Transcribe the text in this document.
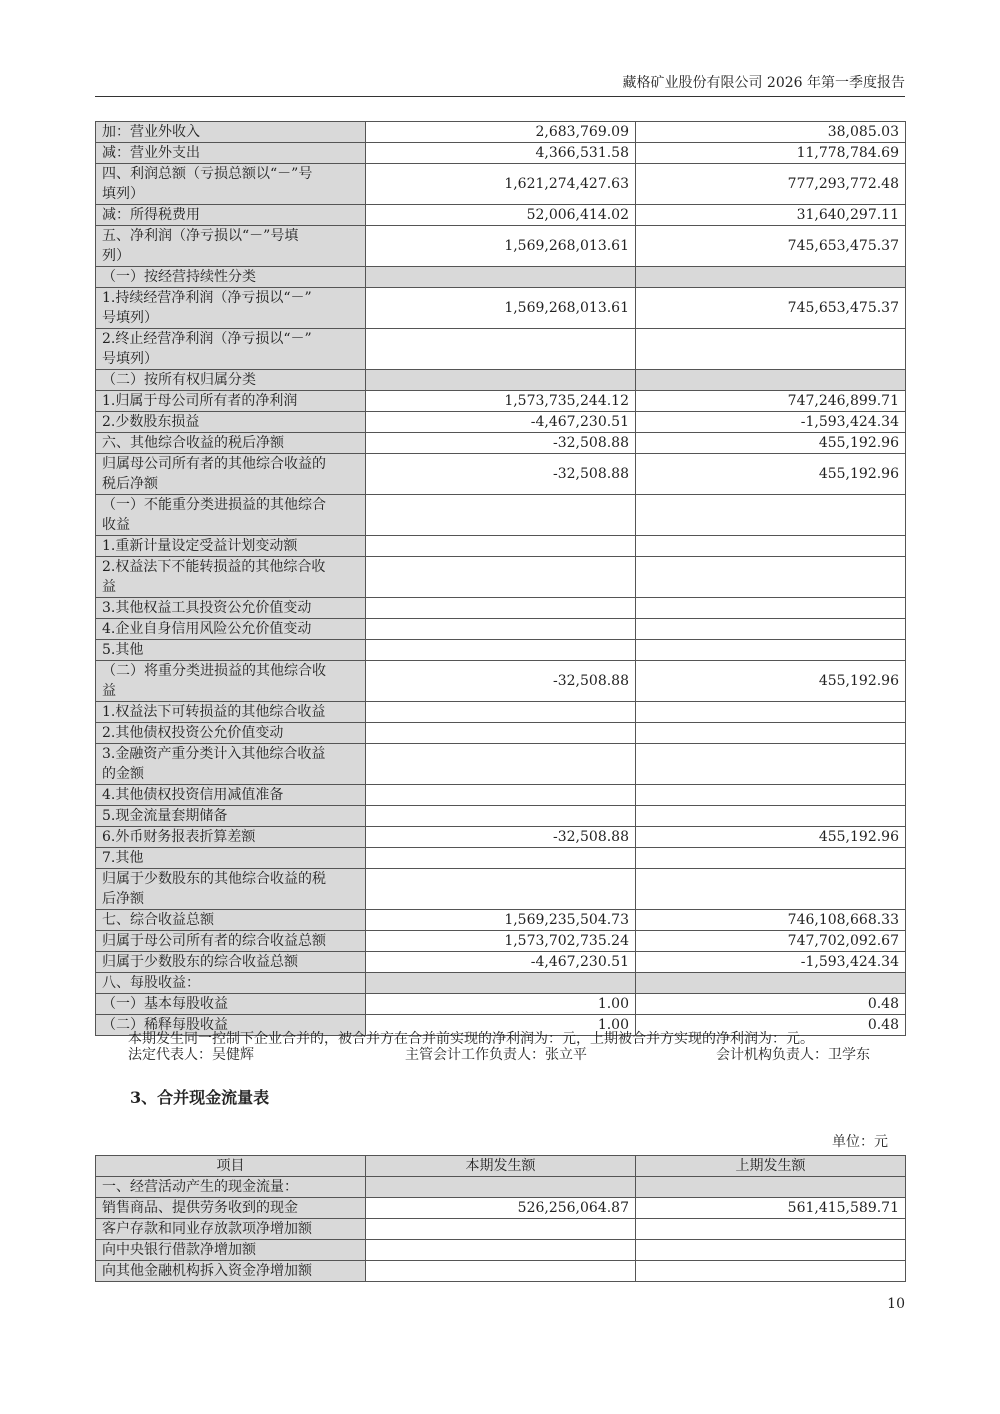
藏格矿业股份有限公司 2026 年第一季度报告
加：营业外收入	2,683,769.09	38,085.03
减：营业外支出	4,366,531.58	11,778,784.69
四、利润总额（亏损总额以“－”号
填列）	1,621,274,427.63	777,293,772.48
减：所得税费用	52,006,414.02	31,640,297.11
五、净利润（净亏损以“－”号填
列）	1,569,268,013.61	745,653,475.37
（一）按经营持续性分类		
1.持续经营净利润（净亏损以“－”
号填列）	1,569,268,013.61	745,653,475.37
2.终止经营净利润（净亏损以“－”
号填列）		
（二）按所有权归属分类		
1.归属于母公司所有者的净利润	1,573,735,244.12	747,246,899.71
2.少数股东损益	-4,467,230.51	-1,593,424.34
六、其他综合收益的税后净额	-32,508.88	455,192.96
归属母公司所有者的其他综合收益的
税后净额	-32,508.88	455,192.96
（一）不能重分类进损益的其他综合
收益		
1.重新计量设定受益计划变动额		
2.权益法下不能转损益的其他综合收
益		
3.其他权益工具投资公允价值变动		
4.企业自身信用风险公允价值变动		
5.其他		
（二）将重分类进损益的其他综合收
益	-32,508.88	455,192.96
1.权益法下可转损益的其他综合收益		
2.其他债权投资公允价值变动		
3.金融资产重分类计入其他综合收益
的金额		
4.其他债权投资信用减值准备		
5.现金流量套期储备		
6.外币财务报表折算差额	-32,508.88	455,192.96
7.其他		
归属于少数股东的其他综合收益的税
后净额		
七、综合收益总额	1,569,235,504.73	746,108,668.33
归属于母公司所有者的综合收益总额	1,573,702,735.24	747,702,092.67
归属于少数股东的综合收益总额	-4,467,230.51	-1,593,424.34
八、每股收益：		
（一）基本每股收益	1.00	0.48
（二）稀释每股收益	1.00	0.48
本期发生同一控制下企业合并的，被合并方在合并前实现的净利润为：元，上期被合并方实现的净利润为：元。
法定代表人：吴健辉	主管会计工作负责人：张立平	会计机构负责人：卫学东
3、合并现金流量表
单位：元
项目	本期发生额	上期发生额
一、经营活动产生的现金流量：		
销售商品、提供劳务收到的现金	526,256,064.87	561,415,589.71
客户存款和同业存放款项净增加额		
向中央银行借款净增加额		
向其他金融机构拆入资金净增加额		
10
